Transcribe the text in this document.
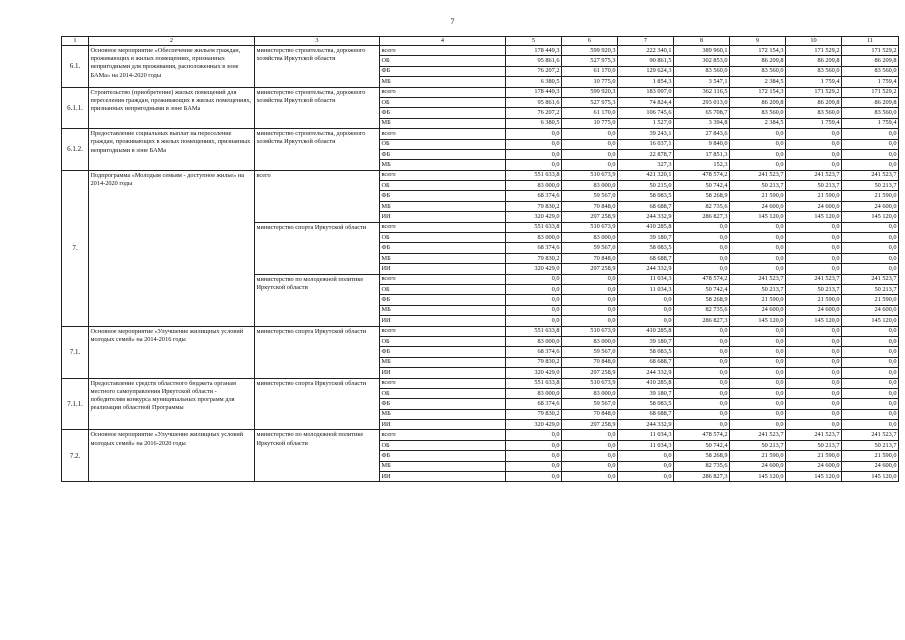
7
1	2	3	4	5	6	7	8	9	10	11
6.1.	Основное мероприятие «Обеспечение жильем граждан, проживающих в жилых помещениях, признанных непригодными для проживания, расположенных в зоне БАМа» на 2014-2020 годы	министерство строительства, дорожного хозяйства Иркутской области	всего	178 449,3	599 920,3	222 340,1	389 960,1	172 154,3	171 529,2	171 529,2
			ОБ	95 861,6	527 975,3	90 861,5	302 853,0	86 209,8	86 209,8	86 209,8
			ФБ	76 207,2	61 170,0	129 624,3	83 560,0	83 560,0	83 560,0	83 560,0
			МБ	6 380,5	10 775,0	1 854,3	3 547,1	2 384,5	1 759,4	1 759,4
6.1.1.	Строительство (приобретение) жилых помещений для переселения граждан, проживающих в жилых помещениях, признанных непригодными в зоне БАМа	министерство строительства, дорожного хозяйства Иркутской области	всего	178 449,3	599 920,3	183 097,0	362 116,5	172 154,3	171 529,2	171 529,2
			ОБ	95 861,6	527 975,3	74 824,4	293 013,0	86 209,8	86 209,8	86 209,8
			ФБ	76 207,2	61 170,0	106 745,6	65 708,7	83 560,0	83 560,0	83 560,0
			МБ	6 380,5	10 775,0	1 527,0	3 394,8	2 384,5	1 759,4	1 759,4
6.1.2.	Предоставление социальных выплат на переселение граждан, проживающих в жилых помещениях, признанных непригодными в зоне БАМа	министерство строительства, дорожного хозяйства Иркутской области	всего	0,0	0,0	39 243,1	27 843,6	0,0	0,0	0,0
			ОБ	0,0	0,0	16 037,1	9 840,0	0,0	0,0	0,0
			ФБ	0,0	0,0	22 878,7	17 851,3	0,0	0,0	0,0
			МБ	0,0	0,0	327,3	152,3	0,0	0,0	0,0
7.	Подпрограмма «Молодым семьям - доступное жилье» на 2014-2020 годы	всего	всего	551 633,8	510 673,9	421 320,1	478 574,2	241 523,7	241 523,7	241 523,7
			ОБ	83 000,0	83 000,0	50 215,0	50 742,4	50 213,7	50 213,7	50 213,7
			ФБ	68 374,6	59 567,0	58 083,5	58 268,9	21 590,0	21 590,0	21 590,0
			МБ	79 830,2	70 848,0	68 688,7	82 735,6	24 600,0	24 600,0	24 600,0
			ИИ	320 429,0	297 258,9	244 332,9	286 827,3	145 120,0	145 120,0	145 120,0
		министерство спорта Иркутской области	всего	551 633,8	510 673,9	410 285,8	0,0	0,0	0,0	0,0
			ОБ	83 000,0	83 000,0	39 180,7	0,0	0,0	0,0	0,0
			ФБ	68 374,6	59 567,0	58 083,5	0,0	0,0	0,0	0,0
			МБ	79 830,2	70 848,0	68 688,7	0,0	0,0	0,0	0,0
			ИИ	320 429,0	297 258,9	244 332,9	0,0	0,0	0,0	0,0
		министерство по молодежной политике Иркутской области	всего	0,0	0,0	11 034,3	478 574,2	241 523,7	241 523,7	241 523,7
			ОБ	0,0	0,0	11 034,3	50 742,4	50 213,7	50 213,7	50 213,7
			ФБ	0,0	0,0	0,0	58 268,9	21 590,0	21 590,0	21 590,0
			МБ	0,0	0,0	0,0	82 735,6	24 600,0	24 600,0	24 600,0
			ИИ	0,0	0,0	0,0	286 827,3	145 120,0	145 120,0	145 120,0
7.1.	Основное мероприятие «Улучшение жилищных условий молодых семей» на 2014-2016 годы	министерство спорта Иркутской области	всего	551 633,8	510 673,9	410 285,8	0,0	0,0	0,0	0,0
			ОБ	83 000,0	83 000,0	39 180,7	0,0	0,0	0,0	0,0
			ФБ	68 374,6	59 567,0	58 083,5	0,0	0,0	0,0	0,0
			МБ	79 830,2	70 848,0	68 688,7	0,0	0,0	0,0	0,0
			ИИ	320 429,0	297 258,9	244 332,9	0,0	0,0	0,0	0,0
7.1.1.	Предоставление средств областного бюджета органам местного самоуправления Иркутской области - победителям конкурса муниципальных программ для реализации областной Программы	министерство спорта Иркутской области	всего	551 633,8	510 673,9	410 285,8	0,0	0,0	0,0	0,0
			ОБ	83 000,0	83 000,0	39 180,7	0,0	0,0	0,0	0,0
			ФБ	68 374,6	59 567,0	58 083,5	0,0	0,0	0,0	0,0
			МБ	79 830,2	70 848,0	68 688,7	0,0	0,0	0,0	0,0
			ИИ	320 429,0	297 258,9	244 332,9	0,0	0,0	0,0	0,0
7.2.	Основное мероприятие «Улучшение жилищных условий молодых семей» на 2016-2020 годы	министерство по молодежной политике Иркутской области	всего	0,0	0,0	11 034,3	478 574,2	241 523,7	241 523,7	241 523,7
			ОБ	0,0	0,0	11 034,3	50 742,4	50 213,7	50 213,7	50 213,7
			ФБ	0,0	0,0	0,0	58 268,9	21 590,0	21 590,0	21 590,0
			МБ	0,0	0,0	0,0	82 735,6	24 600,0	24 600,0	24 600,0
			ИИ	0,0	0,0	0,0	286 827,3	145 120,0	145 120,0	145 120,0
